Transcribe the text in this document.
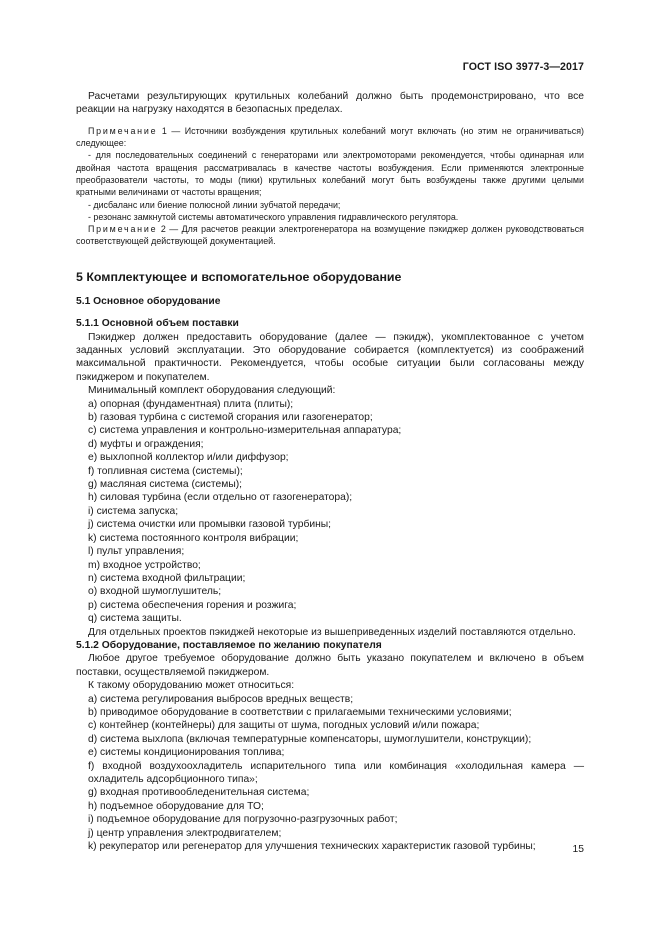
ГОСТ ISO 3977-3—2017

Расчетами результирующих крутильных колебаний должно быть продемонстрировано, что все реакции на нагрузку находятся в безопасных пределах.

Примечание 1 — Источники возбуждения крутильных колебаний могут включать (но этим не ограничиваться) следующее:

- для последовательных соединений с генераторами или электромоторами рекомендуется, чтобы одинарная или двойная частота вращения рассматривалась в качестве частоты возбуждения. Если применяются электронные преобразователи частоты, то моды (пики) крутильных колебаний могут быть возбуждены также другими целыми кратными величинами от частоты вращения;

- дисбаланс или биение полюсной линии зубчатой передачи;

- резонанс замкнутой системы автоматического управления гидравлического регулятора.

Примечание 2 — Для расчетов реакции электрогенератора на возмущение пэкиджер должен руководствоваться соответствующей действующей документацией.

5 Комплектующее и вспомогательное оборудование

5.1 Основное оборудование

5.1.1 Основной объем поставки

Пэкиджер должен предоставить оборудование (далее — пэкидж), укомплектованное с учетом заданных условий эксплуатации. Это оборудование собирается (комплектуется) из соображений максимальной практичности. Рекомендуется, чтобы особые ситуации были согласованы между пэкиджером и покупателем.

Минимальный комплект оборудования следующий:

a) опорная (фундаментная) плита (плиты);
b) газовая турбина с системой сгорания или газогенератор;
c) система управления и контрольно-измерительная аппаратура;
d) муфты и ограждения;
e) выхлопной коллектор и/или диффузор;
f) топливная система (системы);
g) масляная система (системы);
h) силовая турбина (если отдельно от газогенератора);
i) система запуска;
j) система очистки или промывки газовой турбины;
k) система постоянного контроля вибрации;
l) пульт управления;
m) входное устройство;
n) система входной фильтрации;
o) входной шумоглушитель;
p) система обеспечения горения и розжига;
q) система защиты.

Для отдельных проектов пэкиджей некоторые из вышеприведенных изделий поставляются отдельно.

5.1.2 Оборудование, поставляемое по желанию покупателя

Любое другое требуемое оборудование должно быть указано покупателем и включено в объем поставки, осуществляемой пэкиджером.

К такому оборудованию может относиться:

a) система регулирования выбросов вредных веществ;
b) приводимое оборудование в соответствии с прилагаемыми техническими условиями;
c) контейнер (контейнеры) для защиты от шума, погодных условий и/или пожара;
d) система выхлопа (включая температурные компенсаторы, шумоглушители, конструкции);
e) системы кондиционирования топлива;
f) входной воздухоохладитель испарительного типа или комбинация «холодильная камера — охладитель адсорбционного типа»;
g) входная противообледенительная система;
h) подъемное оборудование для ТО;
i) подъемное оборудование для погрузочно-разгрузочных работ;
j) центр управления электродвигателем;
k) рекуператор или регенератор для улучшения технических характеристик газовой турбины;	15
